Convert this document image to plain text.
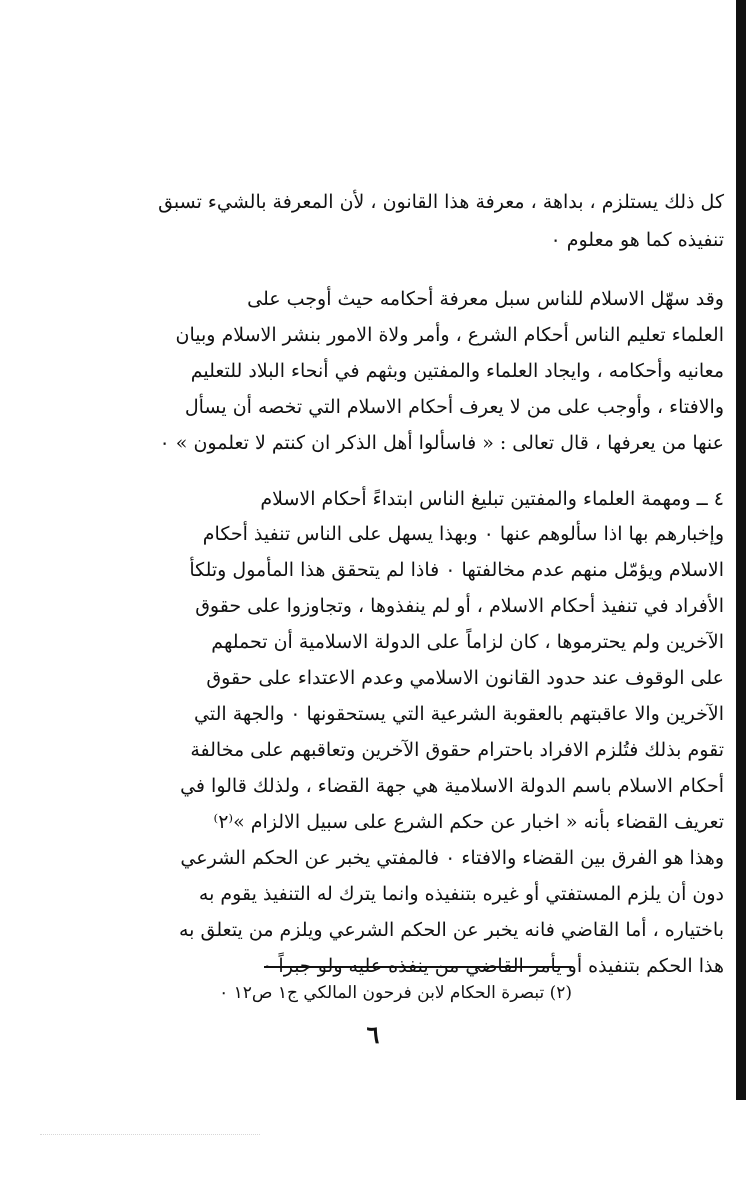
كل ذلك يستلزم ، بداهة ، معرفة هذا القانون ، لأن المعرفة بالشيء تسبق
تنفيذه كما هو معلوم ٠
وقد سهّل الاسلام للناس سبل معرفة أحكامه حيث أوجب على
العلماء تعليم الناس أحكام الشرع ، وأمر ولاة الامور بنشر الاسلام وبيان
معانيه وأحكامه ، وايجاد العلماء والمفتين وبثهم في أنحاء البلاد للتعليم
والافتاء ، وأوجب على من لا يعرف أحكام الاسلام التي تخصه أن يسأل
عنها من يعرفها ، قال تعالى : « فاسألوا أهل الذكر ان كنتم لا تعلمون » ٠
٤ ــ ومهمة العلماء والمفتين تبليغ الناس ابتداءً أحكام الاسلام
وإخبارهم بها اذا سألوهم عنها ٠ وبهذا يسهل على الناس تنفيذ أحكام
الاسلام ويؤمّل منهم عدم مخالفتها ٠ فاذا لم يتحقق هذا المأمول وتلكأ
الأفراد في تنفيذ أحكام الاسلام ، أو لم ينفذوها ، وتجاوزوا على حقوق
الآخرين ولم يحترموها ، كان لزاماً على الدولة الاسلامية أن تحملهم
على الوقوف عند حدود القانون الاسلامي وعدم الاعتداء على حقوق
الآخرين والا عاقبتهم بالعقوبة الشرعية التي يستحقونها ٠ والجهة التي
تقوم بذلك فتُلزم الافراد باحترام حقوق الآخرين وتعاقبهم على مخالفة
أحكام الاسلام باسم الدولة الاسلامية هي جهة القضاء ، ولذلك قالوا في
تعريف القضاء بأنه « اخبار عن حكم الشرع على سبيل الالزام »⁽٢⁾
وهذا هو الفرق بين القضاء والافتاء ٠ فالمفتي يخبر عن الحكم الشرعي
دون أن يلزم المستفتي أو غيره بتنفيذه وانما يترك له التنفيذ يقوم به
باختياره ، أما القاضي فانه يخبر عن الحكم الشرعي ويلزم من يتعلق به
هذا الحكم بتنفيذه أو يأمر القاضي من ينفذه عليه ولو جبراً ٠
(٢) تبصرة الحكام لابن فرحون المالكي ج١ ص١٢ ٠
٦
